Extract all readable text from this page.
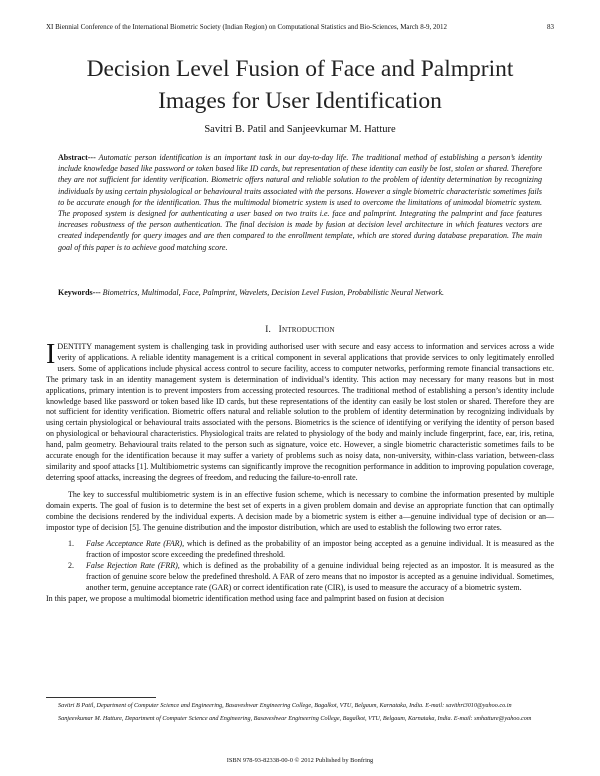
XI Biennial Conference of the International Biometric Society (Indian Region) on Computational Statistics and Bio-Sciences, March 8-9, 2012	83
Decision Level Fusion of Face and Palmprint
Images for User Identification
Savitri B. Patil and Sanjeevkumar M. Hatture
Abstract--- Automatic person identification is an important task in our day-to-day life. The traditional method of establishing a person’s identity include knowledge based like password or token based like ID cards, but representation of these identity can easily be lost, stolen or shared. Therefore they are not sufficient for identity verification. Biometric offers natural and reliable solution to the problem of identity determination by recognizing individuals by using certain physiological or behavioural traits associated with the persons. However a single biometric characteristic sometimes fails to be accurate enough for the identification. Thus the multimodal biometric system is used to overcome the limitations of unimodal biometric system. The proposed system is designed for authenticating a user based on two traits i.e. face and palmprint. Integrating the palmprint and face features increases robustness of the person authentication. The final decision is made by fusion at decision level architecture in which features vectors are created independently for query images and are then compared to the enrollment template, which are stored during database preparation. The main goal of this paper is to achieve good matching score.
Keywords--- Biometrics, Multimodal, Face, Palmprint, Wavelets, Decision Level Fusion, Probabilistic Neural Network.
I. Introduction

IDENTITY management system is challenging task in providing authorised user with secure and easy access to information and services across a wide verity of applications. A reliable identity management is a critical component in several applications that provide services to only legitimately enrolled users. Some of applications include physical access control to secure facility, access to computer networks, performing remote financial transactions etc. The primary task in an identity management system is determination of individual’s identity. This action may necessary for many reasons but in most applications, primary intention is to prevent imposters from accessing protected resources. The traditional method of establishing a person’s identity include knowledge based like password or token based like ID cards, but these representations of the identity can easily be lost stolen or shared. Therefore they are not sufficient for identity verification. Biometric offers natural and reliable solution to the problem of identity determination by recognizing individuals by using certain physiological or behavioural traits associated with the persons. Biometrics is the science of identifying or verifying the identity of person based on physiological or behavioural characteristics. Physiological traits are related to physiology of the body and mainly include fingerprint, face, ear, iris, retina, hand, palm geometry. Behavioural traits related to the person such as signature, voice etc. However, a single biometric characteristic sometimes fails to be accurate enough for the identification because it may suffer a variety of problems such as noisy data, non-university, within-class variation, between-class similarity and spoof attacks [1]. Multibiometric systems can significantly improve the recognition performance in addition to improving population coverage, deterring spoof attacks, increasing the degrees of freedom, and reducing the failure-to-enroll rate.

The key to successful multibiometric system is in an effective fusion scheme, which is necessary to combine the information presented by multiple domain experts. The goal of fusion is to determine the best set of experts in a given problem domain and devise an appropriate function that can optimally combine the decisions rendered by the individual experts. A decision made by a biometric system is either a—genuine individual type of decision or an—impostor type of decision [5]. The genuine distribution and the impostor distribution, which are used to establish the following two error rates.

1. False Acceptance Rate (FAR), which is defined as the probability of an impostor being accepted as a genuine individual. It is measured as the fraction of impostor score exceeding the predefined threshold.
2. False Rejection Rate (FRR), which is defined as the probability of a genuine individual being rejected as an impostor. It is measured as the fraction of genuine score below the predefined threshold. A FAR of zero means that no impostor is accepted as a genuine individual. Sometimes, another term, genuine acceptance rate (GAR) or correct identification rate (CIR), is used to measure the accuracy of a biometric system.

In this paper, we propose a multimodal biometric identification method using face and palmprint based on fusion at decision

Savitri B Patil, Department of Computer Science and Engineering, Basaveshwar Engineering College, Bagalkot, VTU, Belgaum, Karnataka, India. E-mail: savithri3010@yahoo.co.in

Sanjeevkumar M. Hatture, Department of Computer Science and Engineering, Basaveshwar Engineering College, Bagalkot, VTU, Belgaum, Karnataka, India. E-mail: smhatture@yahoo.com

ISBN 978-93-82338-00-0 © 2012 Published by Bonfring
